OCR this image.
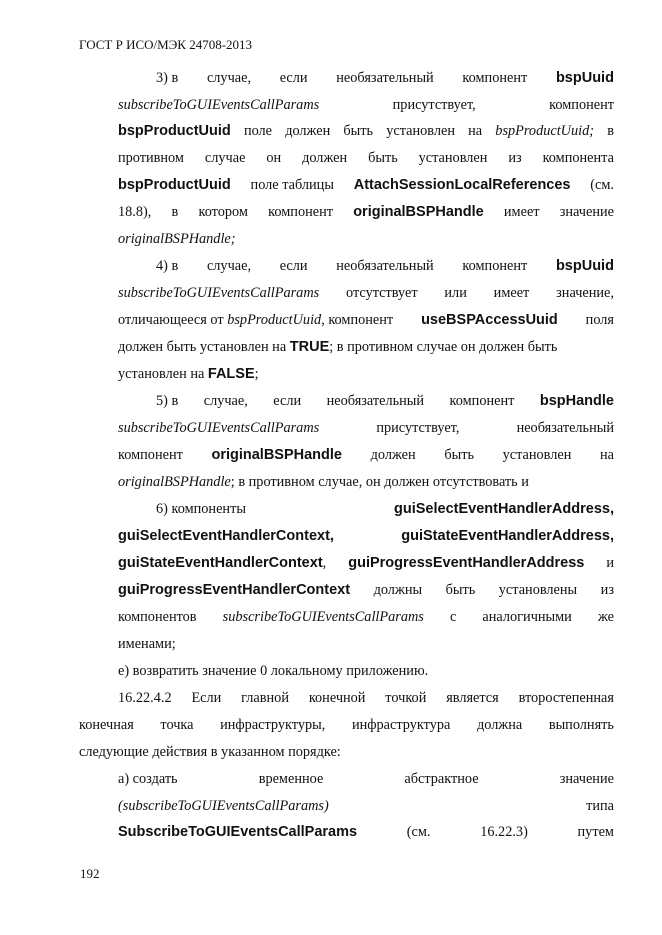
ГОСТ Р ИСО/МЭК 24708-2013
3) в случае, если необязательный компонент bspUuid
subscribeToGUIEventsCallParams	присутствует,	компонент
bspProductUuid поле должен быть установлен на bspProductUuid; в
противном случае он должен быть установлен из компонента
bspProductUuid поле таблицы AttachSessionLocalReferences (см.
18.8), в котором компонент originalBSPHandle имеет значение
originalBSPHandle;
4) в случае, если необязательный компонент bspUuid
subscribeToGUIEventsCallParams отсутствует или имеет значение,
отличающееся от bspProductUuid, компонент useBSPAccessUuid поля
должен быть установлен на TRUE; в противном случае он должен быть
установлен на FALSE;
5) в случае, если необязательный компонент bspHandle
subscribeToGUIEventsCallParams	присутствует,	необязательный
компонент originalBSPHandle должен быть установлен на
originalBSPHandle; в противном случае, он должен отсутствовать и
6) компоненты	guiSelectEventHandlerAddress,
guiSelectEventHandlerContext,	guiStateEventHandlerAddress,
guiStateEventHandlerContext, guiProgressEventHandlerAddress и
guiProgressEventHandlerContext должны быть установлены из
компонентов subscribeToGUIEventsCallParams с аналогичными же
именами;
e) возвратить значение 0 локальному приложению.
16.22.4.2 Если главной конечной точкой является второстепенная
конечная точка инфраструктуры, инфраструктура должна выполнять
следующие действия в указанном порядке:
а) создать	временное	абстрактное	значение
(subscribeToGUIEventsCallParams)	типа
SubscribeToGUIEventsCallParams	(см.	16.22.3)	путем
192
